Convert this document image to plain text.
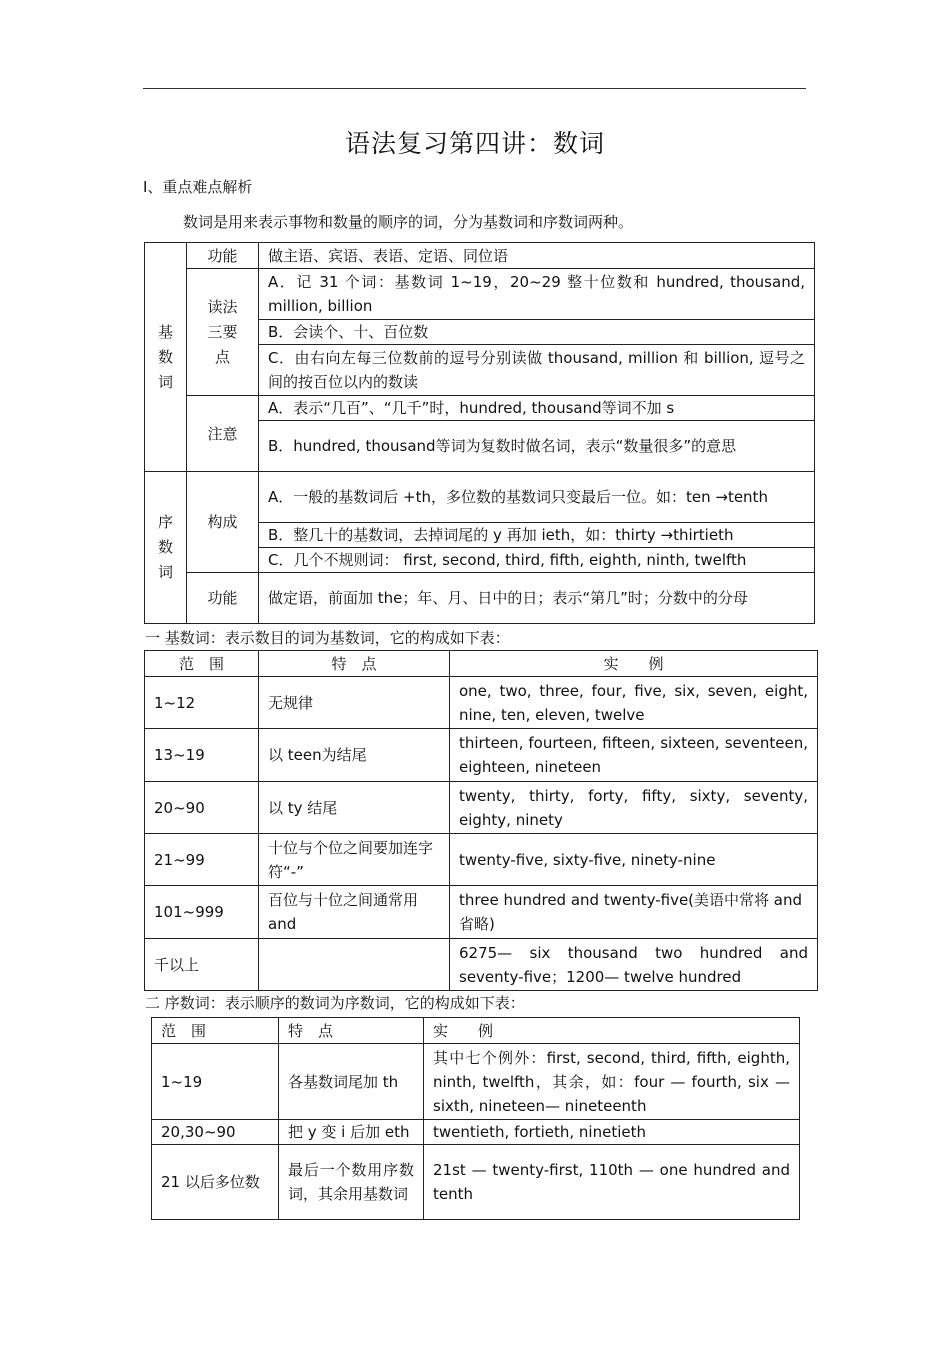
语法复习第四讲：数词
I、重点难点解析
数词是用来表示事物和数量的顺序的词，分为基数词和序数词两种。
基数词	功能	做主语、宾语、表语、定语、同位语

	读法三要点	A．记 31 个词：基数词 1~19，20~29 整十位数和 hundred, thousand, million, billion
		B．会读个、十、百位数
		C．由右向左每三位数前的逗号分别读做 thousand, million 和 billion, 逗号之间的按百位以内的数读
	注意	A．表示“几百”、“几千”时，hundred, thousand等词不加 s
		B．hundred, thousand等词为复数时做名词，表示“数量很多”的意思

序数词	构成	A．一般的基数词后 +th，多位数的基数词只变最后一位。如：ten →tenth
		B．整几十的基数词，去掉词尾的 y 再加 ieth，如：thirty →thirtieth
		C．几个不规则词： first, second, third, fifth, eighth, ninth, twelfth
	功能	做定语，前面加 the；年、月、日中的日；表示“第几”时；分数中的分母
一 基数词：表示数目的词为基数词，它的构成如下表：
范　围	特　点	实　　例
1~12	无规律	one, two, three, four, five, six, seven, eight, nine, ten, eleven, twelve
13~19	以 teen为结尾	thirteen, fourteen, fifteen, sixteen, seventeen, eighteen, nineteen
20~90	以 ty 结尾	twenty, thirty, forty, fifty, sixty, seventy, eighty, ninety
21~99	十位与个位之间要加连字符“-”	twenty-five, sixty-five, ninety-nine
101~999	百位与十位之间通常用 and	three hundred and twenty-five(美语中常将 and省略)
千以上		6275— six thousand two hundred and seventy-five；1200— twelve hundred
二 序数词：表示顺序的数词为序数词，它的构成如下表：
范　围	特　点	实　　例
1~19	各基数词尾加 th	其中七个例外：first, second, third, fifth, eighth, ninth, twelfth，其余，如：four — fourth, six — sixth, nineteen— nineteenth
20,30~90	把 y 变 i 后加 eth	twentieth, fortieth, ninetieth
21 以后多位数	最后一个数用序数词，其余用基数词	21st — twenty-first, 110th — one hundred and tenth
